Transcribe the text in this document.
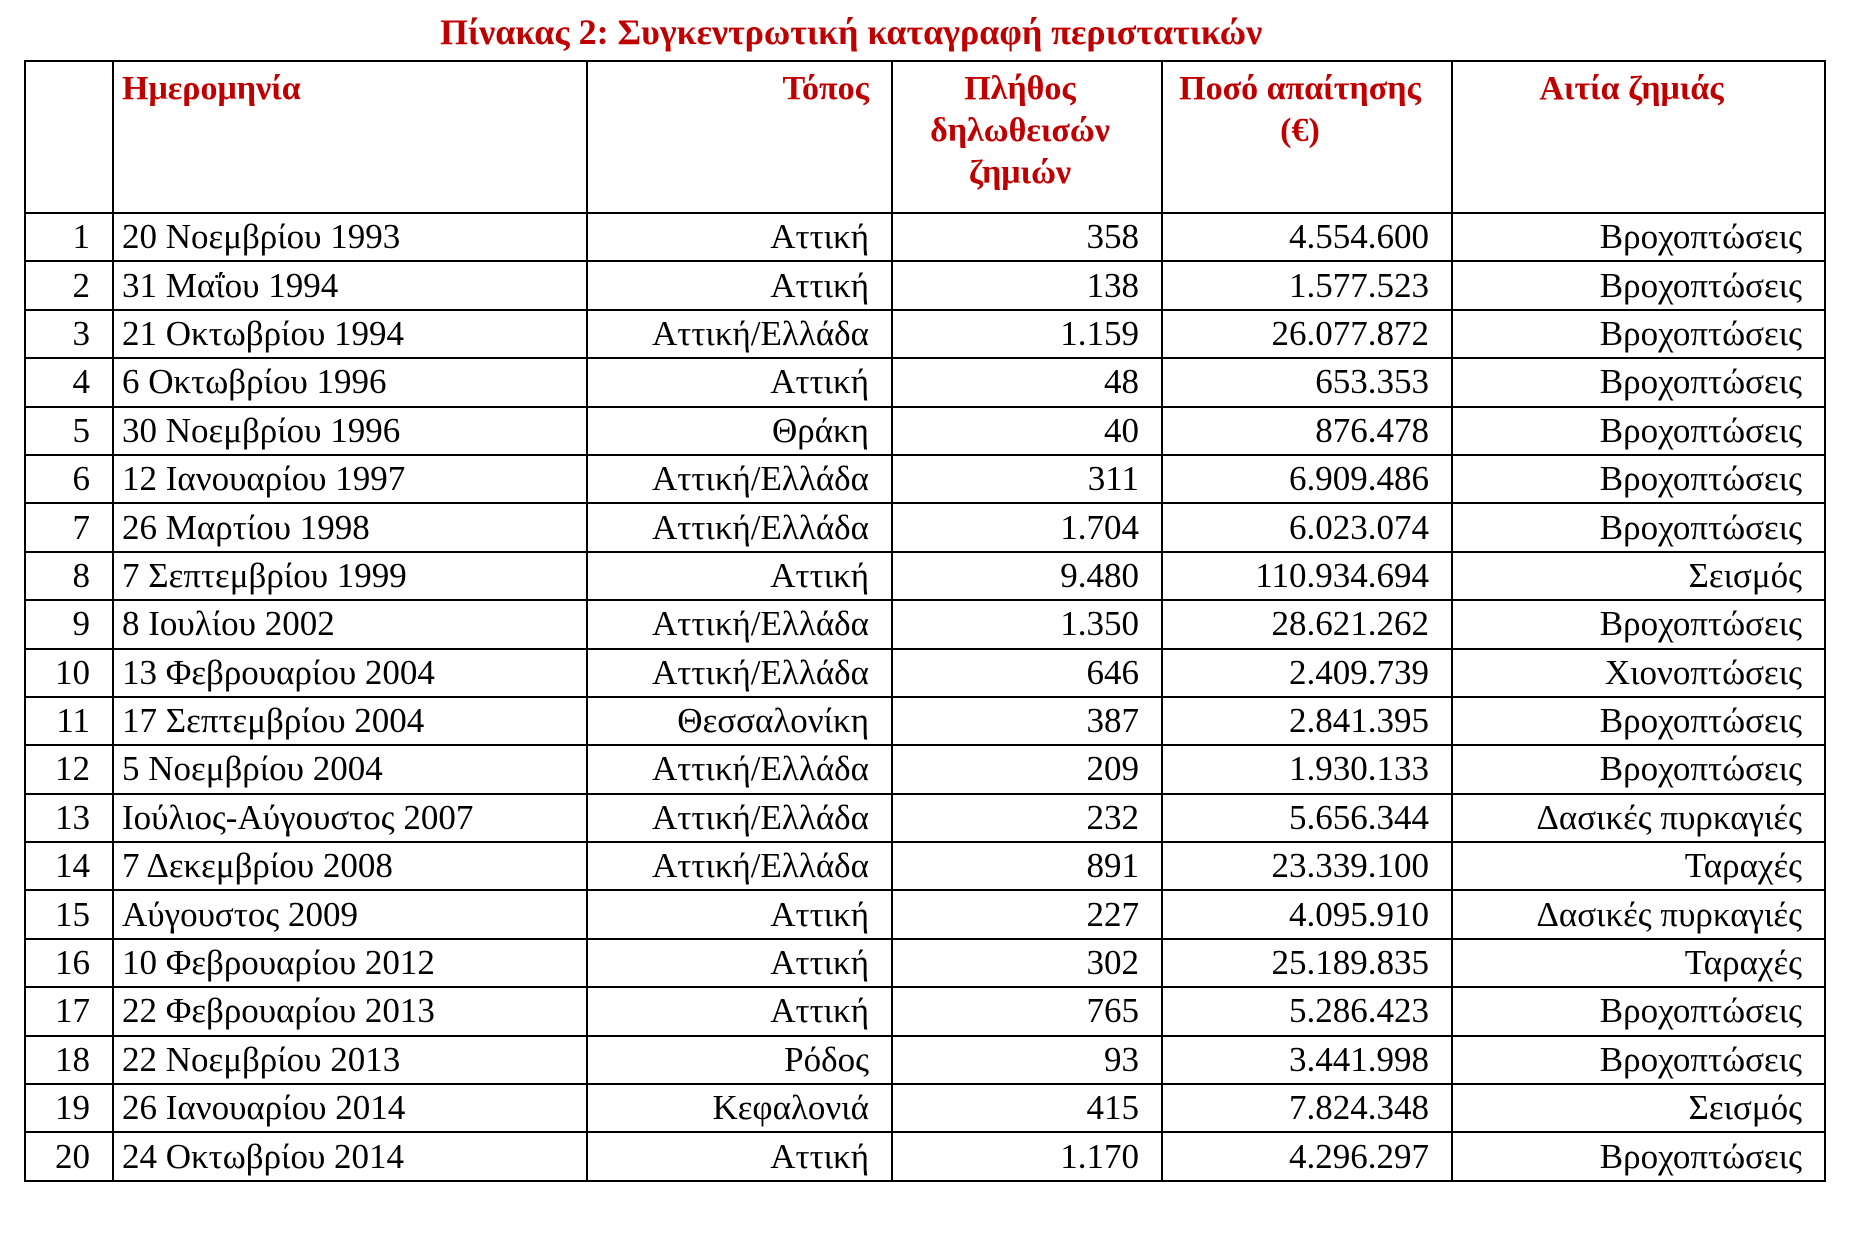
Πίνακας 2: Συγκεντρωτική καταγραφή περιστατικών
	Ημερομηνία	Τόπος	Πλήθος δηλωθεισών ζημιών	Ποσό απαίτησης (€)	Αιτία ζημιάς
1	20 Νοεμβρίου 1993	Αττική	358	4.554.600	Βροχοπτώσεις
2	31 Μαΐου 1994	Αττική	138	1.577.523	Βροχοπτώσεις
3	21 Οκτωβρίου 1994	Αττική/Ελλάδα	1.159	26.077.872	Βροχοπτώσεις
4	6 Οκτωβρίου 1996	Αττική	48	653.353	Βροχοπτώσεις
5	30 Νοεμβρίου 1996	Θράκη	40	876.478	Βροχοπτώσεις
6	12 Ιανουαρίου 1997	Αττική/Ελλάδα	311	6.909.486	Βροχοπτώσεις
7	26 Μαρτίου 1998	Αττική/Ελλάδα	1.704	6.023.074	Βροχοπτώσεις
8	7 Σεπτεμβρίου 1999	Αττική	9.480	110.934.694	Σεισμός
9	8 Ιουλίου 2002	Αττική/Ελλάδα	1.350	28.621.262	Βροχοπτώσεις
10	13 Φεβρουαρίου 2004	Αττική/Ελλάδα	646	2.409.739	Χιονοπτώσεις
11	17 Σεπτεμβρίου 2004	Θεσσαλονίκη	387	2.841.395	Βροχοπτώσεις
12	5 Νοεμβρίου 2004	Αττική/Ελλάδα	209	1.930.133	Βροχοπτώσεις
13	Ιούλιος-Αύγουστος 2007	Αττική/Ελλάδα	232	5.656.344	Δασικές πυρκαγιές
14	7 Δεκεμβρίου 2008	Αττική/Ελλάδα	891	23.339.100	Ταραχές
15	Αύγουστος 2009	Αττική	227	4.095.910	Δασικές πυρκαγιές
16	10 Φεβρουαρίου 2012	Αττική	302	25.189.835	Ταραχές
17	22 Φεβρουαρίου 2013	Αττική	765	5.286.423	Βροχοπτώσεις
18	22 Νοεμβρίου 2013	Ρόδος	93	3.441.998	Βροχοπτώσεις
19	26 Ιανουαρίου 2014	Κεφαλονιά	415	7.824.348	Σεισμός
20	24 Οκτωβρίου 2014	Αττική	1.170	4.296.297	Βροχοπτώσεις
